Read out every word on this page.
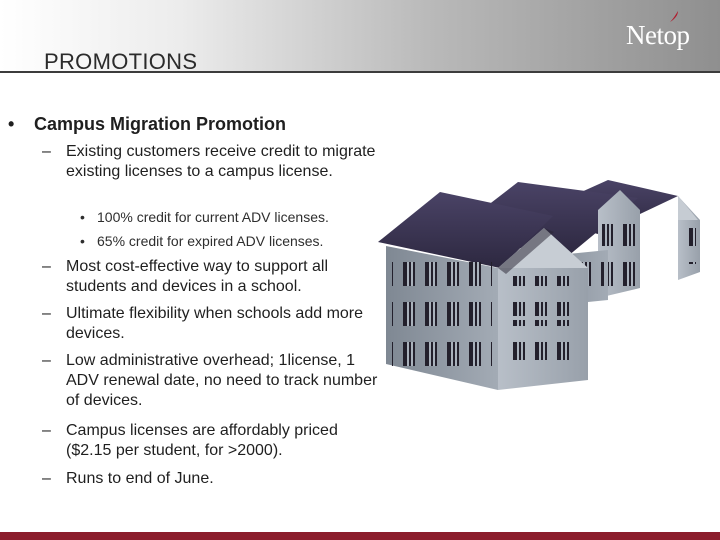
PROMOTIONS
Netop
• Campus Migration Promotion
– Existing customers receive credit to migrate existing licenses to a campus license.
• 100% credit for current ADV licenses.
• 65% credit for expired ADV licenses.
– Most cost-effective way to support all students and devices in a school.
– Ultimate flexibility when schools add more devices.
– Low administrative overhead; 1license, 1 ADV renewal date, no need to track number of devices.
– Campus licenses are affordably priced ($2.15 per student, for >2000).
– Runs to end of June.
